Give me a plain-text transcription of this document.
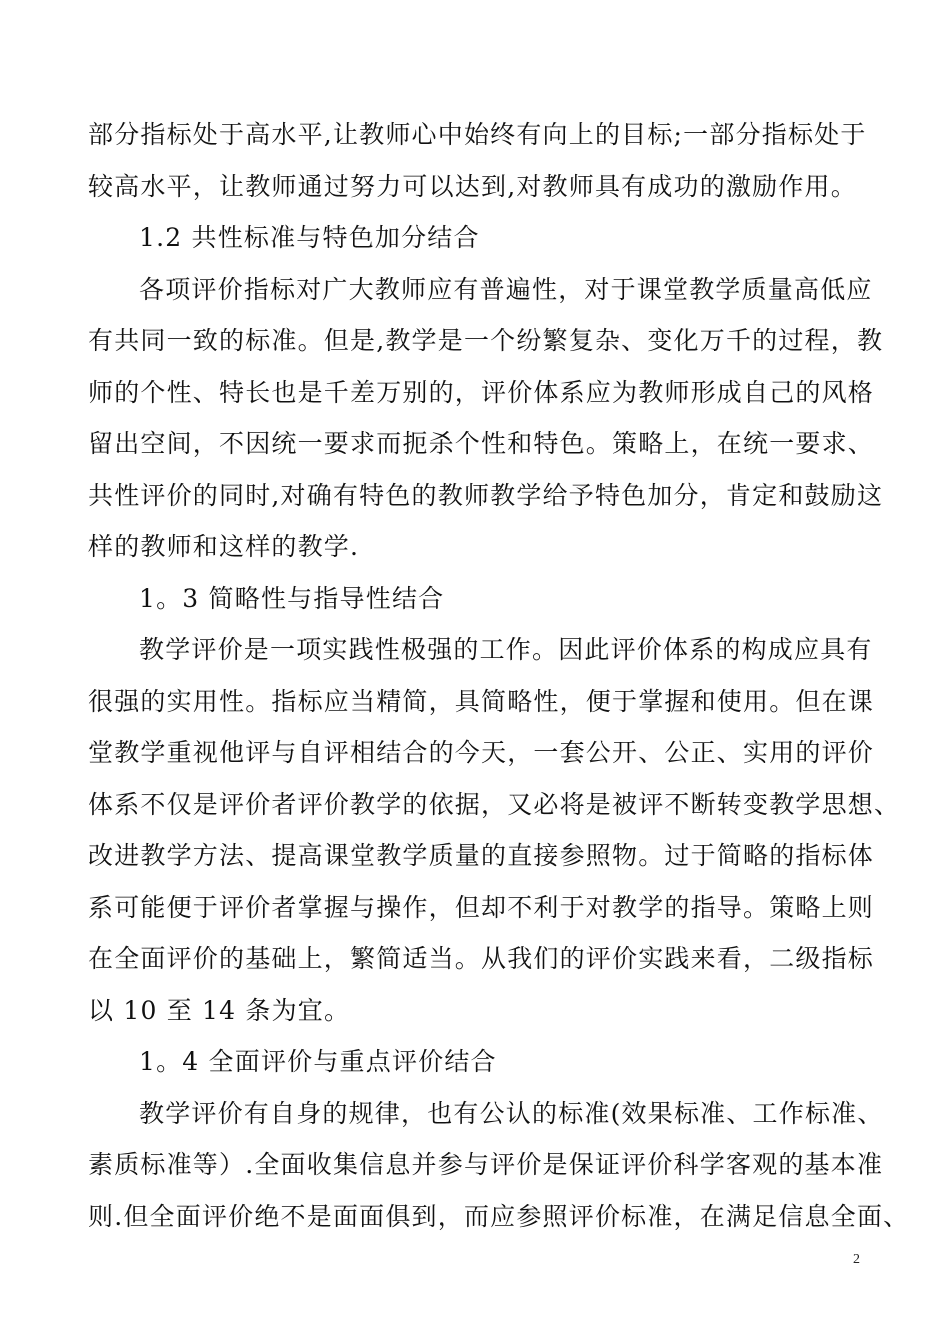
部分指标处于高水平,让教师心中始终有向上的目标;一部分指标处于
较高水平，让教师通过努力可以达到,对教师具有成功的激励作用。
1.2 共性标准与特色加分结合
各项评价指标对广大教师应有普遍性，对于课堂教学质量高低应
有共同一致的标准。但是,教学是一个纷繁复杂、变化万千的过程，教
师的个性、特长也是千差万别的，评价体系应为教师形成自己的风格
留出空间，不因统一要求而扼杀个性和特色。策略上，在统一要求、
共性评价的同时,对确有特色的教师教学给予特色加分，肯定和鼓励这
样的教师和这样的教学.
1。3 简略性与指导性结合
教学评价是一项实践性极强的工作。因此评价体系的构成应具有
很强的实用性。指标应当精简，具简略性，便于掌握和使用。但在课
堂教学重视他评与自评相结合的今天，一套公开、公正、实用的评价
体系不仅是评价者评价教学的依据，又必将是被评不断转变教学思想、
改进教学方法、提高课堂教学质量的直接参照物。过于简略的指标体
系可能便于评价者掌握与操作，但却不利于对教学的指导。策略上则
在全面评价的基础上，繁简适当。从我们的评价实践来看，二级指标
以 10 至 14 条为宜。
1。4 全面评价与重点评价结合
教学评价有自身的规律，也有公认的标准(效果标准、工作标准、
素质标准等）.全面收集信息并参与评价是保证评价科学客观的基本准
则.但全面评价绝不是面面俱到，而应参照评价标准，在满足信息全面、
2
